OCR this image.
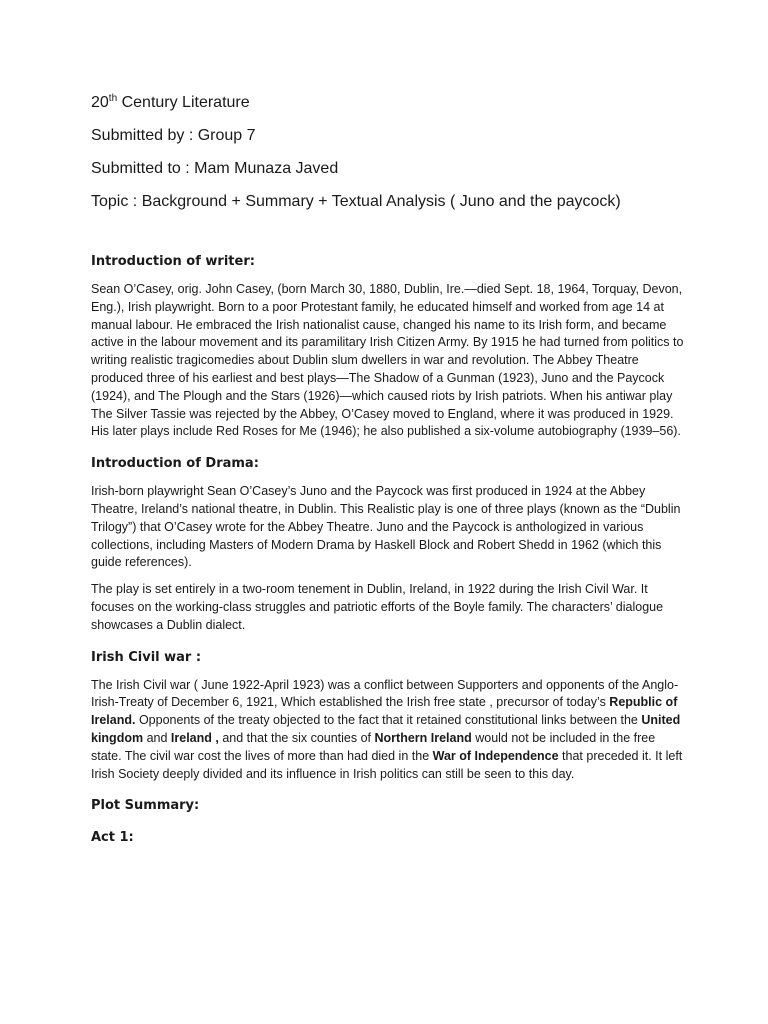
20th Century Literature
Submitted by : Group 7
Submitted to : Mam Munaza Javed
Topic : Background + Summary + Textual Analysis ( Juno and the paycock)
Introduction of writer:

Sean O’Casey, orig. John Casey, (born March 30, 1880, Dublin, Ire.—died Sept. 18, 1964, Torquay, Devon, Eng.), Irish playwright. Born to a poor Protestant family, he educated himself and worked from age 14 at manual labour. He embraced the Irish nationalist cause, changed his name to its Irish form, and became active in the labour movement and its paramilitary Irish Citizen Army. By 1915 he had turned from politics to writing realistic tragicomedies about Dublin slum dwellers in war and revolution. The Abbey Theatre produced three of his earliest and best plays—The Shadow of a Gunman (1923), Juno and the Paycock (1924), and The Plough and the Stars (1926)—which caused riots by Irish patriots. When his antiwar play The Silver Tassie was rejected by the Abbey, O’Casey moved to England, where it was produced in 1929. His later plays include Red Roses for Me (1946); he also published a six-volume autobiography (1939–56).

Introduction of Drama:

Irish-born playwright Sean O’Casey’s Juno and the Paycock was first produced in 1924 at the Abbey Theatre, Ireland’s national theatre, in Dublin. This Realistic play is one of three plays (known as the “Dublin Trilogy”) that O’Casey wrote for the Abbey Theatre. Juno and the Paycock is anthologized in various collections, including Masters of Modern Drama by Haskell Block and Robert Shedd in 1962 (which this guide references).

The play is set entirely in a two-room tenement in Dublin, Ireland, in 1922 during the Irish Civil War. It focuses on the working-class struggles and patriotic efforts of the Boyle family. The characters’ dialogue showcases a Dublin dialect.

Irish Civil war :

The Irish Civil war ( June 1922-April 1923) was a conflict between Supporters and opponents of the Anglo-Irish-Treaty of December 6, 1921, Which established the Irish free state , precursor of today’s Republic of Ireland. Opponents of the treaty objected to the fact that it retained constitutional links between the United kingdom and Ireland , and that the six counties of Northern Ireland would not be included in the free state. The civil war cost the lives of more than had died in the War of Independence that preceded it. It left Irish Society deeply divided and its influence in Irish politics can still be seen to this day.

Plot Summary:
Act 1:
